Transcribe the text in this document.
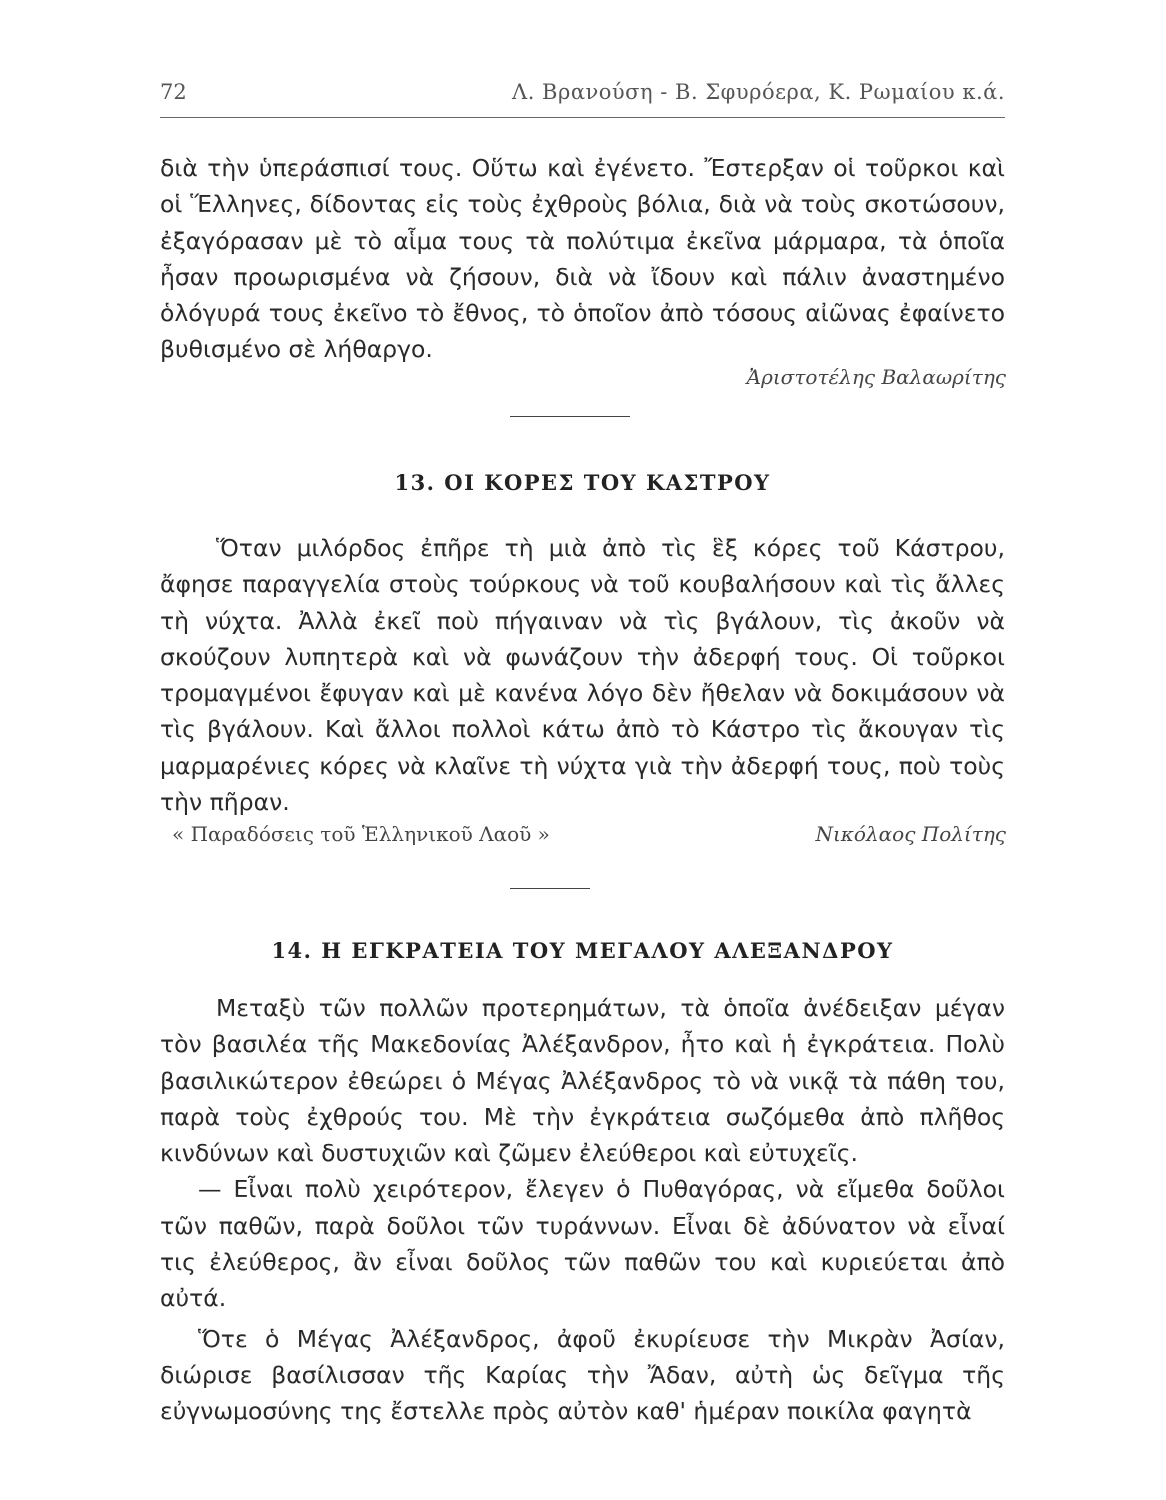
72	Λ. Βρανούση - Β. Σφυρόερα, Κ. Ρωμαίου κ.ά.

διὰ τὴν ὑπεράσπισί τους. Οὕτω καὶ ἐγένετο. Ἔστερξαν οἱ τοῦρκοι καὶ οἱ Ἕλληνες, δίδοντας εἰς τοὺς ἐχθροὺς βόλια, διὰ νὰ τοὺς σκοτώσουν, ἐξαγόρασαν μὲ τὸ αἷμα τους τὰ πολύτιμα ἐκεῖνα μάρμαρα, τὰ ὁποῖα ἦσαν προωρισμένα νὰ ζήσουν, διὰ νὰ ἴδουν καὶ πάλιν ἀναστημένο ὁλόγυρά τους ἐκεῖνο τὸ ἔθνος, τὸ ὁποῖον ἀπὸ τόσους αἰῶνας ἐφαίνετο βυθισμένο σὲ λήθαργο.

Ἀριστοτέλης Βαλαωρίτης
13. ΟΙ ΚΟΡΕΣ ΤΟΥ ΚΑΣΤΡΟΥ

Ὅταν μιλόρδος ἐπῆρε τὴ μιὰ ἀπὸ τὶς ἓξ κόρες τοῦ Κάστρου, ἄφησε παραγγελία στοὺς τούρκους νὰ τοῦ κουβαλήσουν καὶ τὶς ἄλλες τὴ νύχτα. Ἀλλὰ ἐκεῖ ποὺ πήγαιναν νὰ τὶς βγάλουν, τὶς ἀκοῦν νὰ σκούζουν λυπητερὰ καὶ νὰ φωνάζουν τὴν ἀδερφή τους. Οἱ τοῦρκοι τρομαγμένοι ἔφυγαν καὶ μὲ κανένα λόγο δὲν ἤθελαν νὰ δοκιμάσουν νὰ τὶς βγάλουν. Καὶ ἄλλοι πολλοὶ κάτω ἀπὸ τὸ Κάστρο τὶς ἄκουγαν τὶς μαρμαρένιες κόρες νὰ κλαῖνε τὴ νύχτα γιὰ τὴν ἀδερφή τους, ποὺ τοὺς τὴν πῆραν.

« Παραδόσεις τοῦ Ἑλληνικοῦ Λαοῦ »	Νικόλαος Πολίτης
14. Η ΕΓΚΡΑΤΕΙΑ ΤΟΥ ΜΕΓΑΛΟΥ ΑΛΕΞΑΝΔΡΟΥ

Μεταξὺ τῶν πολλῶν προτερημάτων, τὰ ὁποῖα ἀνέδειξαν μέγαν τὸν βασιλέα τῆς Μακεδονίας Ἀλέξανδρον, ἦτο καὶ ἡ ἐγκράτεια. Πολὺ βασιλικώτερον ἐθεώρει ὁ Μέγας Ἀλέξανδρος τὸ νὰ νικᾷ τὰ πάθη του, παρὰ τοὺς ἐχθρούς του. Μὲ τὴν ἐγκράτεια σωζόμεθα ἀπὸ πλῆθος κινδύνων καὶ δυστυχιῶν καὶ ζῶμεν ἐλεύθεροι καὶ εὐτυχεῖς.

— Εἶναι πολὺ χειρότερον, ἔλεγεν ὁ Πυθαγόρας, νὰ εἴμεθα δοῦλοι τῶν παθῶν, παρὰ δοῦλοι τῶν τυράννων. Εἶναι δὲ ἀδύνατον νὰ εἶναί τις ἐλεύθερος, ἂν εἶναι δοῦλος τῶν παθῶν του καὶ κυριεύεται ἀπὸ αὐτά.

Ὅτε ὁ Μέγας Ἀλέξανδρος, ἀφοῦ ἐκυρίευσε τὴν Μικρὰν Ἀσίαν, διώρισε βασίλισσαν τῆς Καρίας τὴν Ἄδαν, αὐτὴ ὡς δεῖγμα τῆς εὐγνωμοσύνης της ἔστελλε πρὸς αὐτὸν καθ' ἡμέραν ποικίλα φαγητὰ
